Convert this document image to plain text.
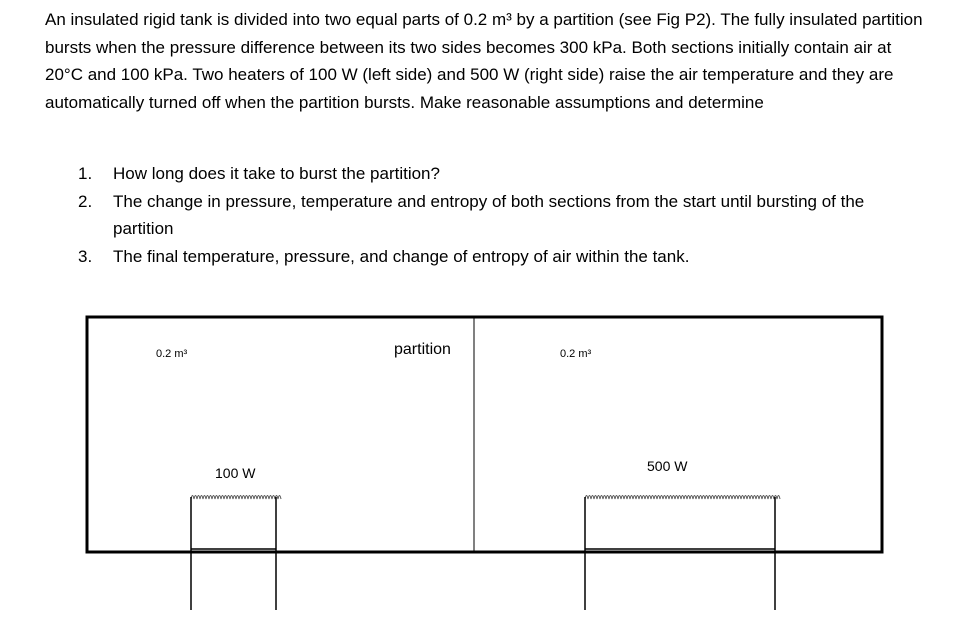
An insulated rigid tank is divided into two equal parts of 0.2 m³ by a partition (see Fig P2). The fully insulated partition bursts when the pressure difference between its two sides becomes 300 kPa. Both sections initially contain air at 20°C and 100 kPa. Two heaters of 100 W (left side) and 500 W (right side) raise the air temperature and they are automatically turned off when the partition bursts. Make reasonable assumptions and determine

1. How long does it take to burst the partition?
2. The change in pressure, temperature and entropy of both sections from the start until bursting of the partition
3. The final temperature, pressure, and change of entropy of air within the tank.
0.2 m³	partition	0.2 m³
100 W	500 W
